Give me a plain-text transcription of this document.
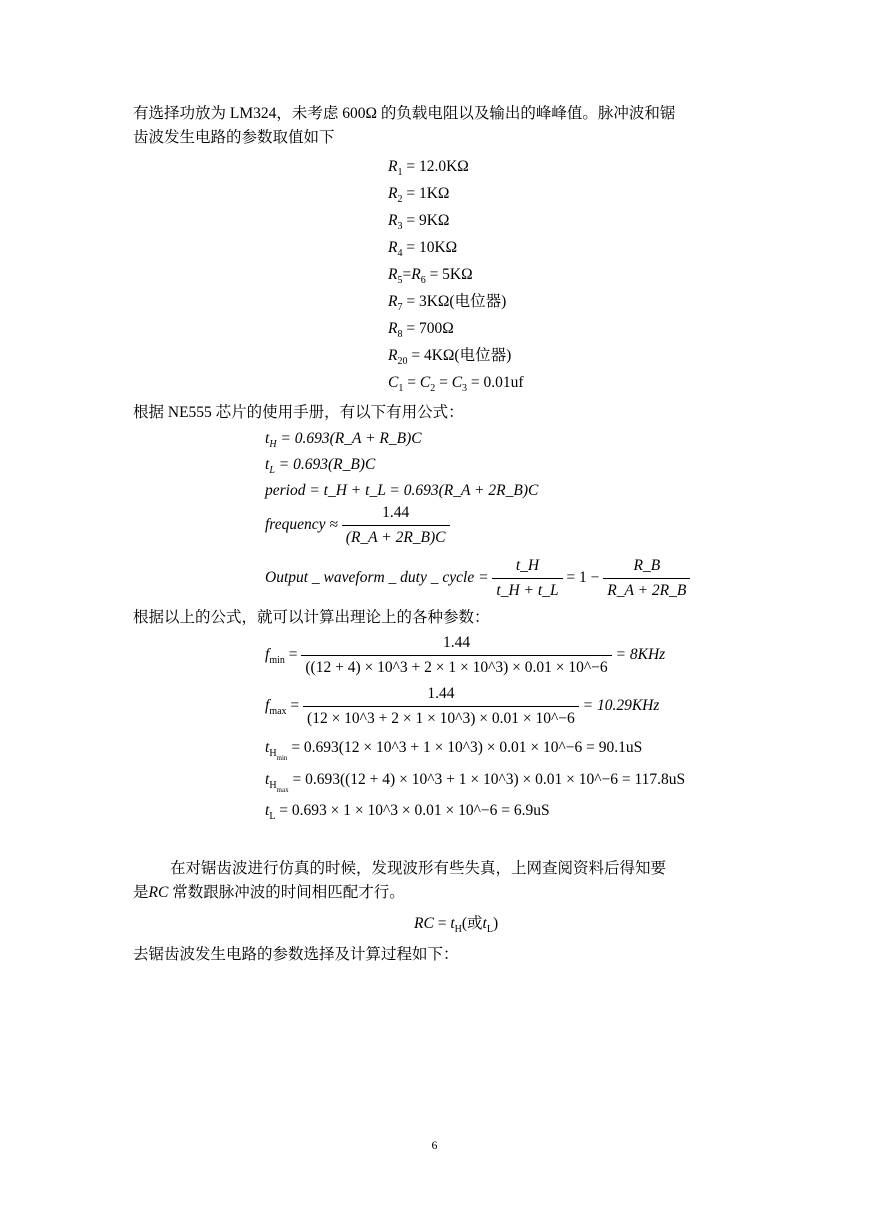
有选择功放为 LM324，未考虑 600Ω 的负载电阻以及输出的峰峰值。脉冲波和锯
齿波发生电路的参数取值如下
$R_1 = 12.0K\Omega$
$R_2 = 1K\Omega$
$R_3 = 9K\Omega$
$R_4 = 10K\Omega$
$R_5=R_6 = 5K\Omega$
$R_7 = 3K\Omega$(电位器)
$R_8 = 700\Omega$
$R_{20} = 4K\Omega$(电位器)
$C_1 = C_2 = C_3 = 0.01uf$
根据 NE555 芯片的使用手册，有以下有用公式：
$t_H$ = 0.693(R_A + R_B)C
$t_L$ = 0.693(R_B)C
period = t_H + t_L = 0.693(R_A + 2R_B)C
frequency ≈ $\frac{1.44}{(R\_A + 2R\_B)C}$
Output _ waveform _ duty _ cycle = $\frac{t\_H}{t\_H + t\_L} = 1 - \frac{R\_B}{R\_A + 2R\_B}$
根据以上的公式，就可以计算出理论上的各种参数：
$f_{min} = \frac{1.44}{((12 + 4) \times 10\^{}3 + 2 \times 1 \times 10\^{}3) \times 0.01 \times 10\^{}-6} = 8KHz$
$f_{max} = \frac{1.44}{(12 \times 10\^{}3 + 2 \times 1 \times 10\^{}3) \times 0.01 \times 10\^{}-6} = 10.29KHz$
$t_{H_{min}} = 0.693(12$ × 10^3 + 1 × 10^3) × 0.01 × 10^−6 = 90.1uS
$t_{H_{max}} = 0.693((12 + 4)$ × 10^3 + 1 × 10^3) × 0.01 × 10^−6 = 117.8uS
$t_L = 0.693 \times 1$ × 10^3 × 0.01 × 10^−6 = 6.9uS
在对锯齿波进行仿真的时候，发现波形有些失真，上网查阅资料后得知要
是RC 常数跟脉冲波的时间相匹配才行。
RC = $t_H$(或$t_L$)
去锯齿波发生电路的参数选择及计算过程如下：
6
